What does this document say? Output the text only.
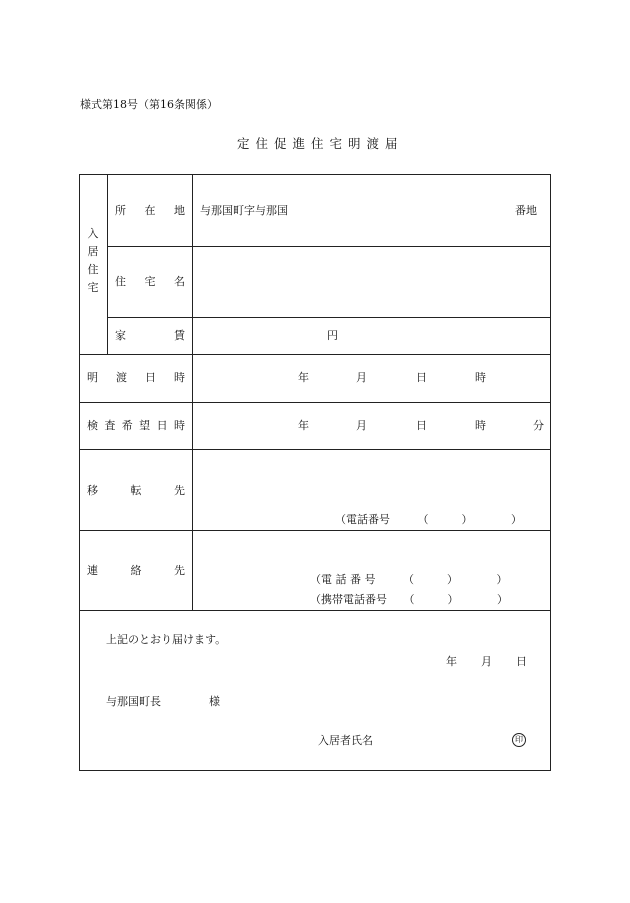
様式第18号（第16条関係）
定住促進住宅明渡届
入
居
住
宅
所 在 地 与那国町字与那国	番地
住 宅 名
家	賃	円
明 渡 日 時	年	月	日	時
検 査 希 望 日 時	年	月	日	時	分
移	転	先
（電話番号　　　（　　　）　　　　）
連	絡	先
（電 話 番 号　　　（　　　）　　　　）
（携帯電話番号　　（　　　）　　　　）
上記のとおり届けます。
年 月 日
与那国町長	様
入居者氏名	印
